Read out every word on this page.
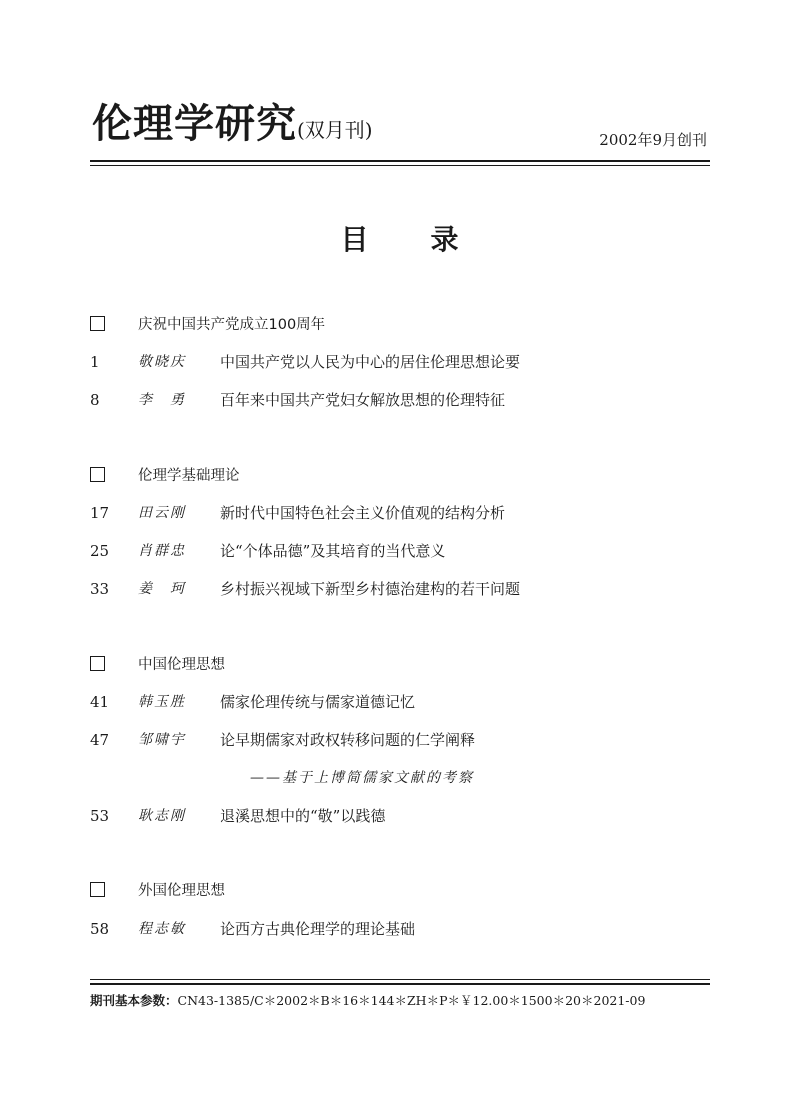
伦理学研究(双月刊)	2002年9月创刊
目 录
庆祝中国共产党成立100周年
1	敬晓庆	中国共产党以人民为中心的居住伦理思想论要
8	李　勇	百年来中国共产党妇女解放思想的伦理特征
伦理学基础理论
17	田云刚	新时代中国特色社会主义价值观的结构分析
25	肖群忠	论“个体品德”及其培育的当代意义
33	姜　珂	乡村振兴视域下新型乡村德治建构的若干问题
中国伦理思想
41	韩玉胜	儒家伦理传统与儒家道德记忆
47	邹啸宇	论早期儒家对政权转移问题的仁学阐释
——基于上博简儒家文献的考察
53	耿志刚	退溪思想中的“敬”以践德
外国伦理思想
58	程志敏	论西方古典伦理学的理论基础
期刊基本参数：CN43-1385/C＊2002＊B＊16＊144＊ZH＊P＊￥12.00＊1500＊20＊2021-09
